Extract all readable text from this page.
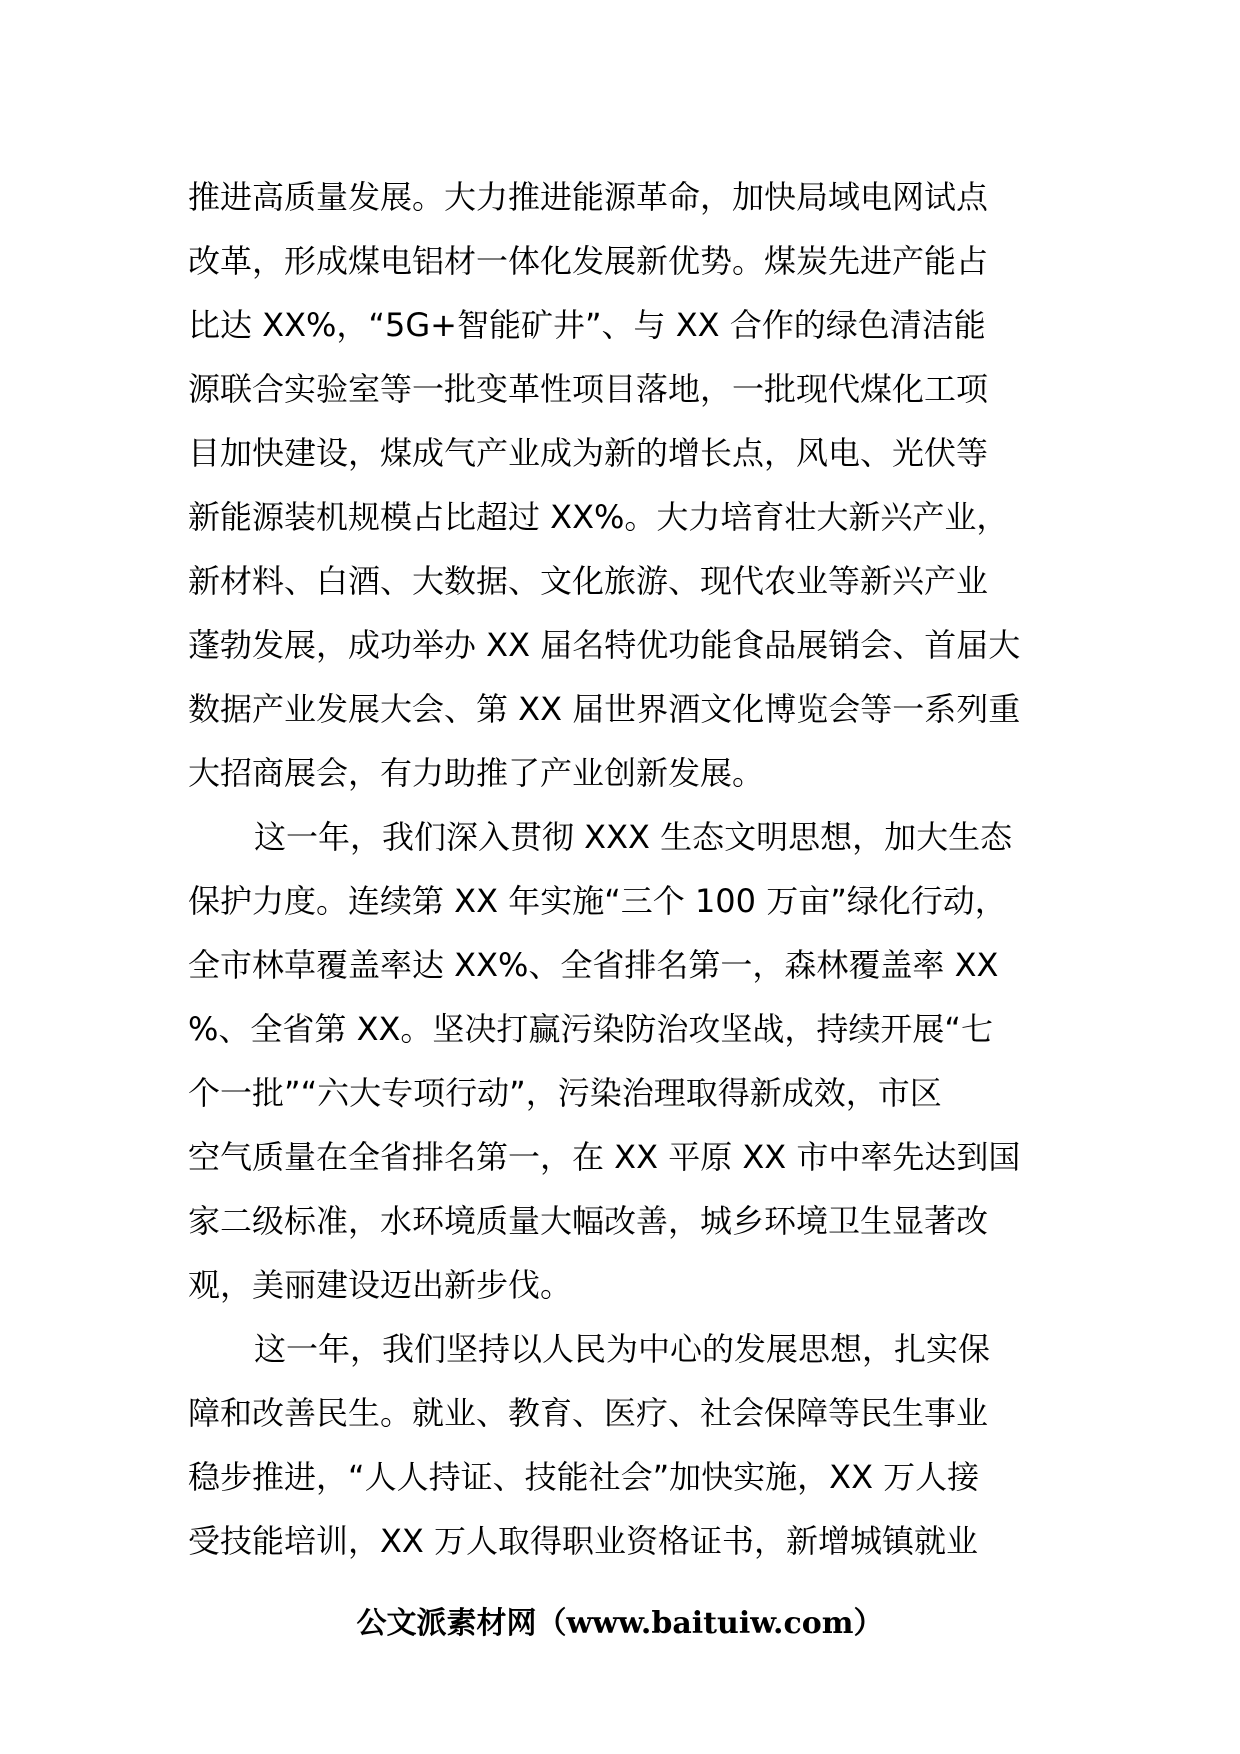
推进高质量发展。大力推进能源革命，加快局域电网试点
改革，形成煤电铝材一体化发展新优势。煤炭先进产能占
比达 XX%，“5G+智能矿井”、与 XX 合作的绿色清洁能
源联合实验室等一批变革性项目落地，一批现代煤化工项
目加快建设，煤成气产业成为新的增长点，风电、光伏等
新能源装机规模占比超过 XX%。大力培育壮大新兴产业，
新材料、白酒、大数据、文化旅游、现代农业等新兴产业
蓬勃发展，成功举办 XX 届名特优功能食品展销会、首届大
数据产业发展大会、第 XX 届世界酒文化博览会等一系列重
大招商展会，有力助推了产业创新发展。
这一年，我们深入贯彻 XXX 生态文明思想，加大生态
保护力度。连续第 XX 年实施“三个 100 万亩”绿化行动，
全市林草覆盖率达 XX%、全省排名第一，森林覆盖率 XX
%、全省第 XX。坚决打赢污染防治攻坚战，持续开展“七
个一批”“六大专项行动”，污染治理取得新成效，市区
空气质量在全省排名第一，在 XX 平原 XX 市中率先达到国
家二级标准，水环境质量大幅改善，城乡环境卫生显著改
观，美丽建设迈出新步伐。
这一年，我们坚持以人民为中心的发展思想，扎实保
障和改善民生。就业、教育、医疗、社会保障等民生事业
稳步推进，“人人持证、技能社会”加快实施，XX 万人接
受技能培训，XX 万人取得职业资格证书，新增城镇就业
公文派素材网（www.baituiw.com）
